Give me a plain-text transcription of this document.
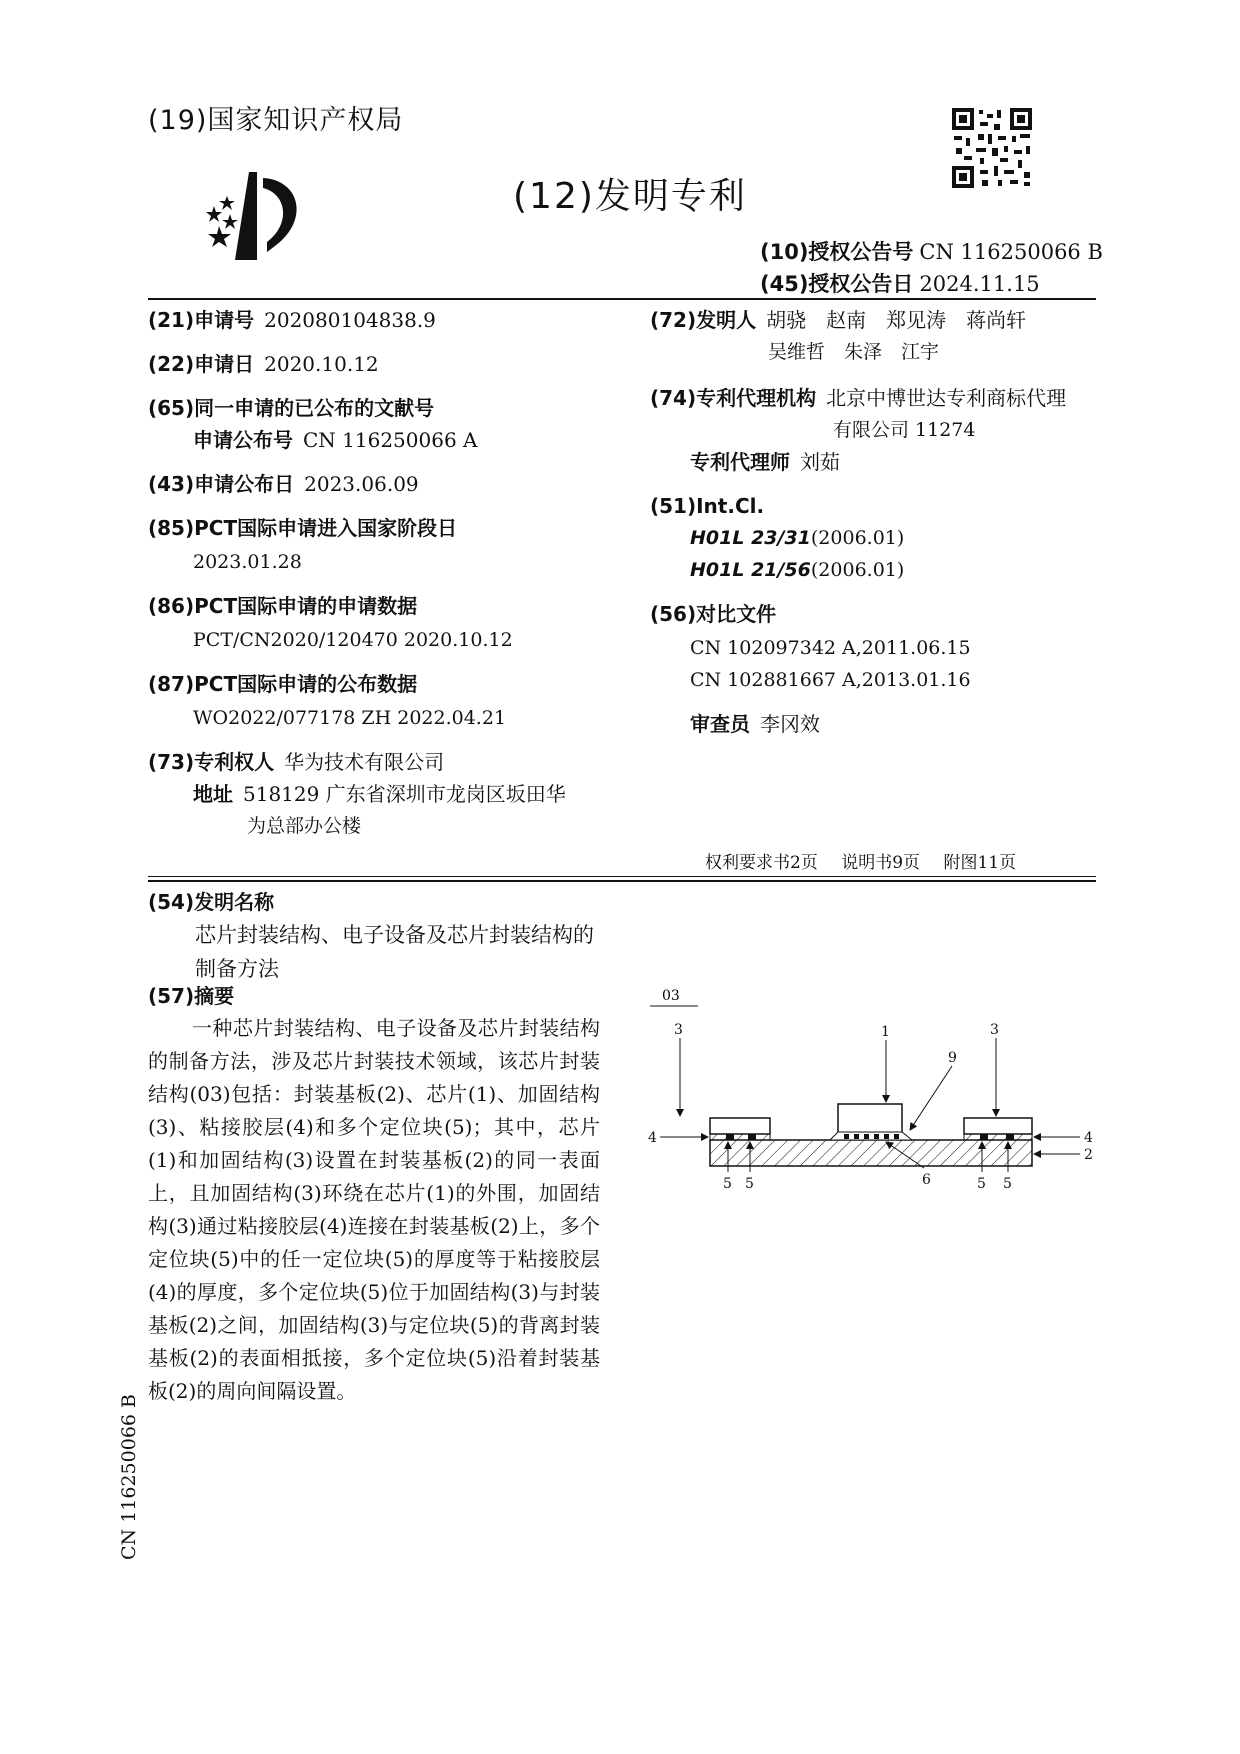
(19)国家知识产权局
(12)发明专利
(10)授权公告号 CN 116250066 B
(45)授权公告日 2024.11.15
(21)申请号 202080104838.9
(22)申请日 2020.10.12
(65)同一申请的已公布的文献号
申请公布号 CN 116250066 A
(43)申请公布日 2023.06.09
(85)PCT国际申请进入国家阶段日
2023.01.28
(86)PCT国际申请的申请数据
PCT/CN2020/120470 2020.10.12
(87)PCT国际申请的公布数据
WO2022/077178 ZH 2022.04.21
(73)专利权人 华为技术有限公司
地址 518129 广东省深圳市龙岗区坂田华
为总部办公楼
(72)发明人 胡骁　赵南　郑见涛　蒋尚轩
吴维哲　朱泽　江宇
(74)专利代理机构 北京中博世达专利商标代理
有限公司 11274
专利代理师 刘茹
(51)Int.Cl.
H01L 23/31(2006.01)
H01L 21/56(2006.01)
(56)对比文件
CN 102097342 A,2011.06.15
CN 102881667 A,2013.01.16
审查员 李冈效
权利要求书2页 说明书9页 附图11页
(54)发明名称
芯片封装结构、电子设备及芯片封装结构的制备方法
(57)摘要
一种芯片封装结构、电子设备及芯片封装结构的制备方法，涉及芯片封装技术领域，该芯片封装结构(03)包括：封装基板(2)、芯片(1)、加固结构(3)、粘接胶层(4)和多个定位块(5)；其中，芯片(1)和加固结构(3)设置在封装基板(2)的同一表面上，且加固结构(3)环绕在芯片(1)的外围，加固结构(3)通过粘接胶层(4)连接在封装基板(2)上，多个定位块(5)中的任一定位块(5)的厚度等于粘接胶层(4)的厚度，多个定位块(5)位于加固结构(3)与封装基板(2)之间，加固结构(3)与定位块(5)的背离封装基板(2)的表面相抵接，多个定位块(5)沿着封装基板(2)的周向间隔设置。
CN 116250066 B
03
3	1	3
9
4	4
2
6
5 5	5 5
